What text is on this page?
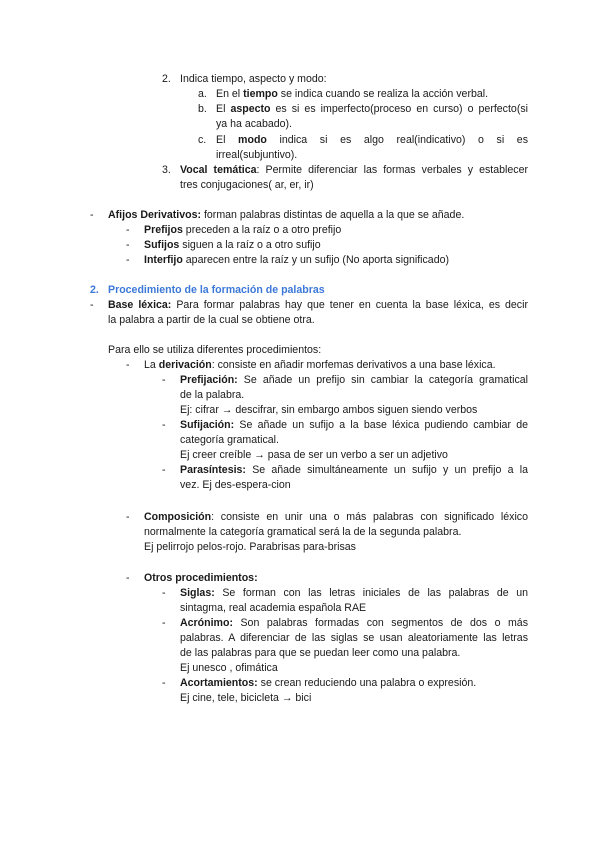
2. Indica tiempo, aspecto y modo:
a. En el tiempo se indica cuando se realiza la acción verbal.
b. El aspecto es si es imperfecto(proceso en curso) o perfecto(si
ya ha acabado).
c. El modo indica si es algo real(indicativo) o si es
irreal(subjuntivo).
3. Vocal temática: Permite diferenciar las formas verbales y establecer
tres conjugaciones( ar, er, ir)
- Afijos Derivativos: forman palabras distintas de aquella a la que se añade.
- Prefijos preceden a la raíz o a otro prefijo
- Sufijos siguen a la raíz o a otro sufijo
- Interfijo aparecen entre la raíz y un sufijo (No aporta significado)
2. Procedimiento de la formación de palabras
- Base léxica: Para formar palabras hay que tener en cuenta la base léxica, es decir
la palabra a partir de la cual se obtiene otra.
Para ello se utiliza diferentes procedimientos:
- La derivación: consiste en añadir morfemas derivativos a una base léxica.
- Prefijación: Se añade un prefijo sin cambiar la categoría gramatical
de la palabra.
Ej: cifrar → descifrar, sin embargo ambos siguen siendo verbos
- Sufijación: Se añade un sufijo a la base léxica pudiendo cambiar de
categoría gramatical.
Ej creer creíble → pasa de ser un verbo a ser un adjetivo
- Parasíntesis: Se añade simultáneamente un sufijo y un prefijo a la
vez. Ej des-espera-cion
- Composición: consiste en unir una o más palabras con significado léxico
normalmente la categoría gramatical será la de la segunda palabra.
Ej pelirrojo pelos-rojo. Parabrisas para-brisas
- Otros procedimientos:
- Siglas: Se forman con las letras iniciales de las palabras de un
sintagma, real academia española RAE
- Acrónimo: Son palabras formadas con segmentos de dos o más
palabras. A diferenciar de las siglas se usan aleatoriamente las letras
de las palabras para que se puedan leer como una palabra.
Ej unesco , ofimática
- Acortamientos: se crean reduciendo una palabra o expresión.
Ej cine, tele, bicicleta → bici
